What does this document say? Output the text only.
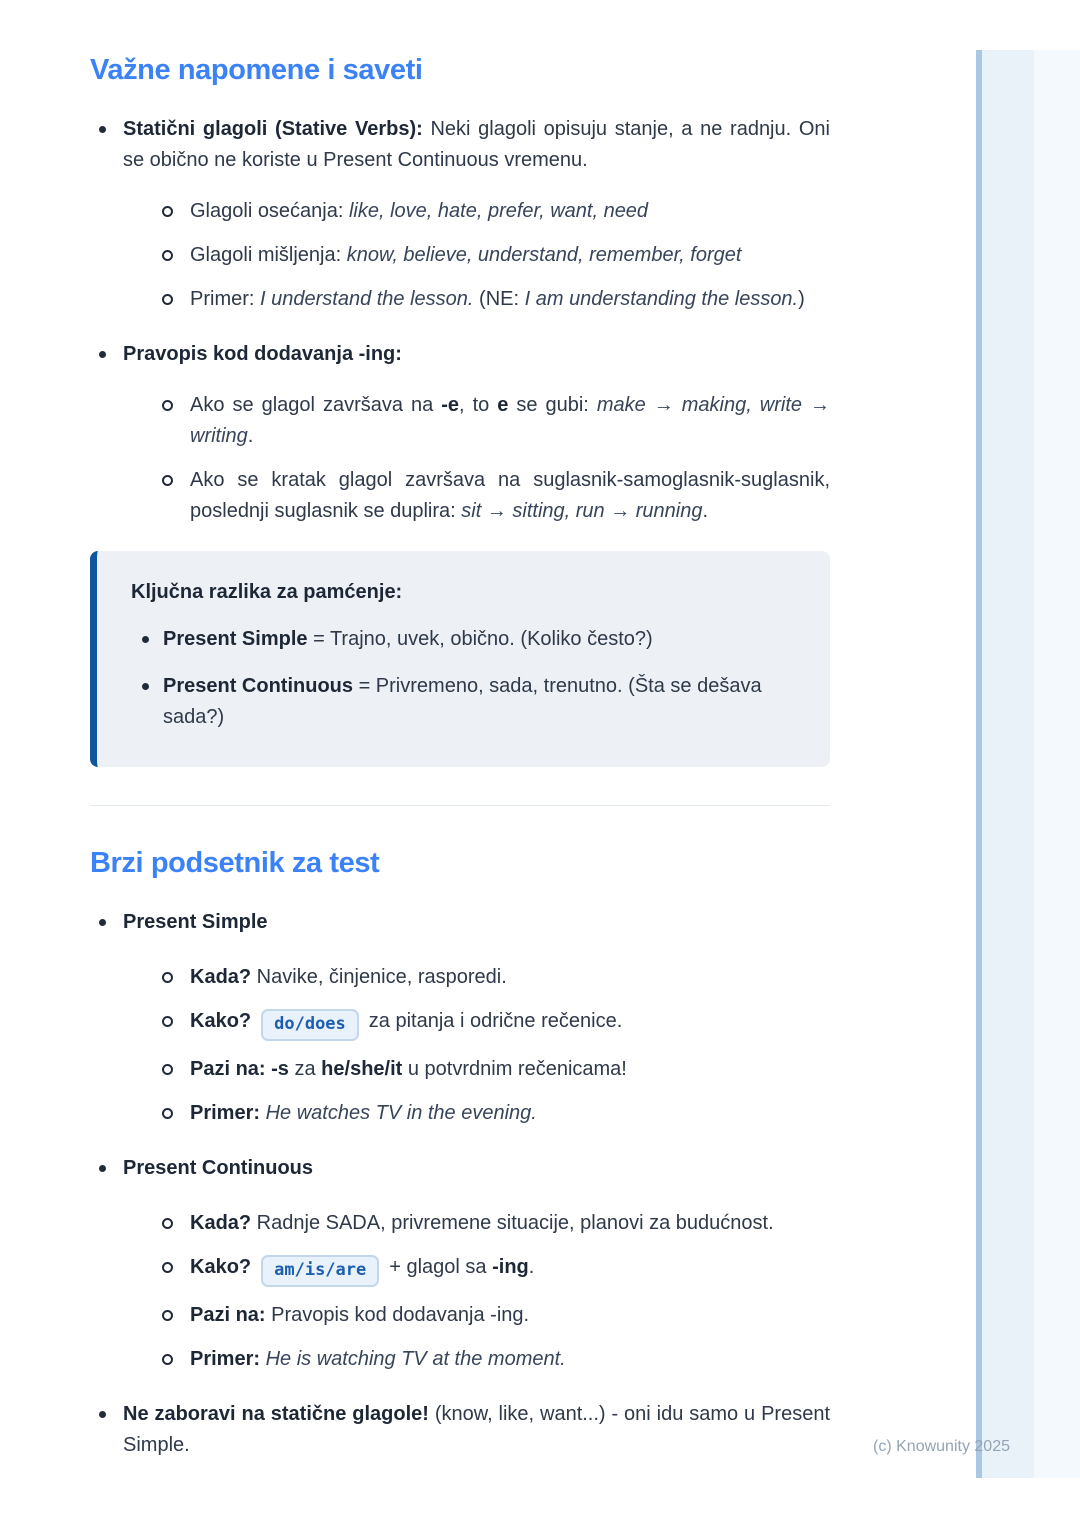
Važne napomene i saveti

Statični glagoli (Stative Verbs): Neki glagoli opisuju stanje, a ne radnju. Oni se obično ne koriste u Present Continuous vremenu.

Glagoli osećanja: like, love, hate, prefer, want, need
Glagoli mišljenja: know, believe, understand, remember, forget
Primer: I understand the lesson. (NE: I am understanding the lesson.)

Pravopis kod dodavanja -ing:

Ako se glagol završava na -e, to e se gubi: make → making, write → writing.
Ako se kratak glagol završava na suglasnik-samoglasnik-suglasnik, poslednji suglasnik se duplira: sit → sitting, run → running.

Ključna razlika za pamćenje:

Present Simple = Trajno, uvek, obično. (Koliko često?)
Present Continuous = Privremeno, sada, trenutno. (Šta se dešava sada?)
Brzi podsetnik za test

Present Simple

Kada? Navike, činjenice, rasporedi.
Kako? do/does za pitanja i odrične rečenice.
Pazi na: -s za he/she/it u potvrdnim rečenicama!
Primer: He watches TV in the evening.

Present Continuous

Kada? Radnje SADA, privremene situacije, planovi za budućnost.
Kako? am/is/are + glagol sa -ing.
Pazi na: Pravopis kod dodavanja -ing.
Primer: He is watching TV at the moment.

Ne zaboravi na statične glagole! (know, like, want...) - oni idu samo u Present Simple.	(c) Knowunity 2025
